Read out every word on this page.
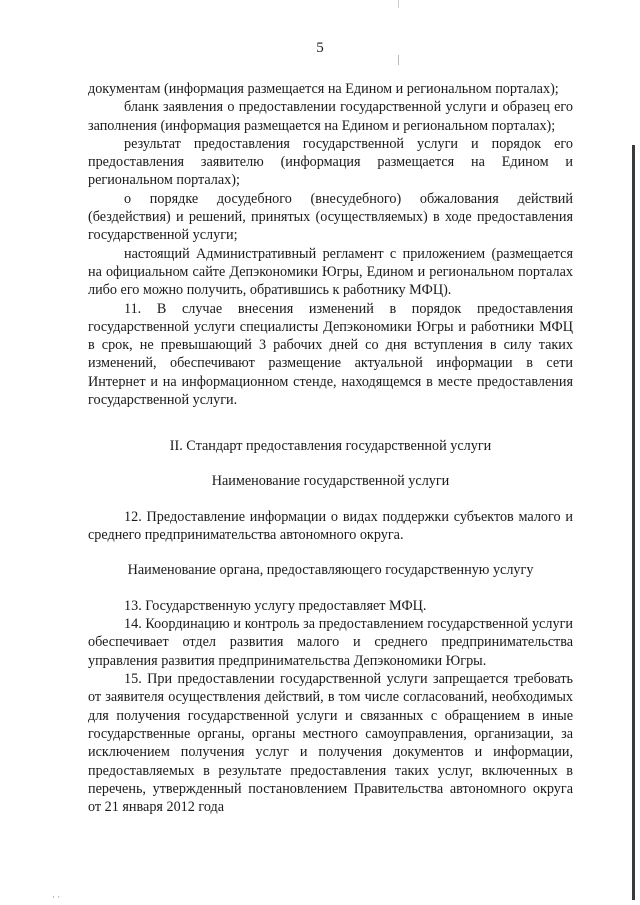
5

документам (информация размещается на Едином и региональном порталах);

бланк заявления о предоставлении государственной услуги и образец его заполнения (информация размещается на Едином и региональном порталах);

результат предоставления государственной услуги и порядок его предоставления заявителю (информация размещается на Едином и региональном порталах);

о порядке досудебного (внесудебного) обжалования действий (бездействия) и решений, принятых (осуществляемых) в ходе предоставления государственной услуги;

настоящий Административный регламент с приложением (размещается на официальном сайте Депэкономики Югры, Едином и региональном порталах либо его можно получить, обратившись к работнику МФЦ).

11. В случае внесения изменений в порядок предоставления государственной услуги специалисты Депэкономики Югры и работники МФЦ в срок, не превышающий 3 рабочих дней со дня вступления в силу таких изменений, обеспечивают размещение актуальной информации в сети Интернет и на информационном стенде, находящемся в месте предоставления государственной услуги.

II. Стандарт предоставления государственной услуги

Наименование государственной услуги

12. Предоставление информации о видах поддержки субъектов малого и среднего предпринимательства автономного округа.

Наименование органа, предоставляющего государственную услугу

13. Государственную услугу предоставляет МФЦ.

14. Координацию и контроль за предоставлением государственной услуги обеспечивает отдел развития малого и среднего предпринимательства управления развития предпринимательства Депэкономики Югры.

15. При предоставлении государственной услуги запрещается требовать от заявителя осуществления действий, в том числе согласований, необходимых для получения государственной услуги и связанных с обращением в иные государственные органы, органы местного самоуправления, организации, за исключением получения услуг и получения документов и информации, предоставляемых в результате предоставления таких услуг, включенных в перечень, утвержденный постановлением Правительства автономного округа от 21 января 2012 года

· ·
